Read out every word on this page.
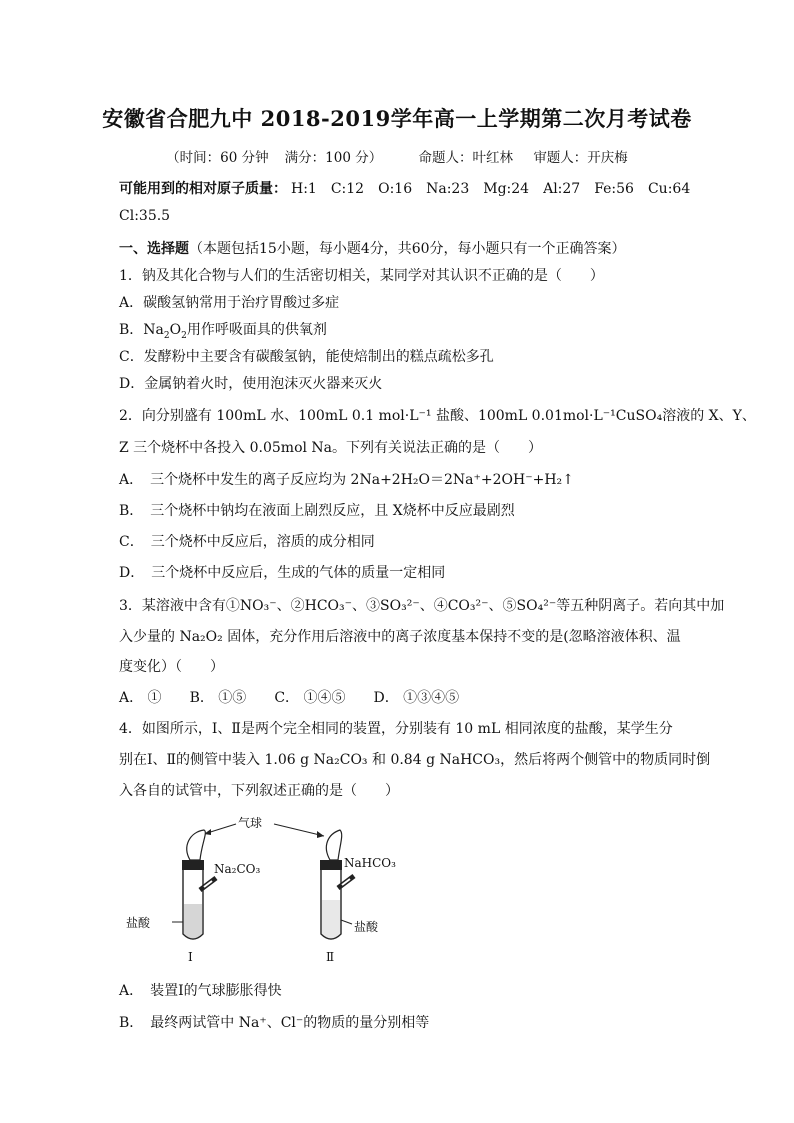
安徽省合肥九中 2018-2019学年高一上学期第二次月考试卷
（时间：60 分钟 满分：100 分）	命题人：叶红林 审题人：开庆梅
可能用到的相对原子质量： H:1 C:12 O:16 Na:23 Mg:24 Al:27 Fe:56 Cu:64
Cl:35.5
一、选择题（本题包括15小题，每小题4分，共60分，每小题只有一个正确答案）
1．钠及其化合物与人们的生活密切相关，某同学对其认识不正确的是（　　）
A．碳酸氢钠常用于治疗胃酸过多症
B．$Na_2O_2$用作呼吸面具的供氧剂
C．发酵粉中主要含有碳酸氢钠，能使焙制出的糕点疏松多孔
D．金属钠着火时，使用泡沫灭火器来灭火
2．向分别盛有 100mL 水、100mL 0.1 mol·L⁻¹ 盐酸、100mL 0.01mol·L⁻¹CuSO₄溶液的 X、Y、
Z 三个烧杯中各投入 0.05mol Na。下列有关说法正确的是（　　）
A．　三个烧杯中发生的离子反应均为 2Na+2H₂O＝2Na⁺+2OH⁻+H₂↑
B．　三个烧杯中钠均在液面上剧烈反应，且 X烧杯中反应最剧烈
C．　三个烧杯中反应后，溶质的成分相同
D．　三个烧杯中反应后，生成的气体的质量一定相同
3．某溶液中含有①NO₃⁻、②HCO₃⁻、③SO₃²⁻、④CO₃²⁻、⑤SO₄²⁻等五种阴离子。若向其中加
入少量的 Na₂O₂ 固体，充分作用后溶液中的离子浓度基本保持不变的是(忽略溶液体积、温
度变化）（　　）
A． ① B． ①⑤ C． ①④⑤ D． ①③④⑤
4．如图所示，Ⅰ、Ⅱ是两个完全相同的装置，分别装有 10 mL 相同浓度的盐酸，某学生分
别在Ⅰ、Ⅱ的侧管中装入 1.06 g Na₂CO₃ 和 0.84 g NaHCO₃，然后将两个侧管中的物质同时倒
入各自的试管中，下列叙述正确的是（　　）
气球
Na₂CO₃	NaHCO₃
盐酸	盐酸
Ⅰ	Ⅱ
A．　装置Ⅰ的气球膨胀得快
B．　最终两试管中 Na⁺、Cl⁻的物质的量分别相等
